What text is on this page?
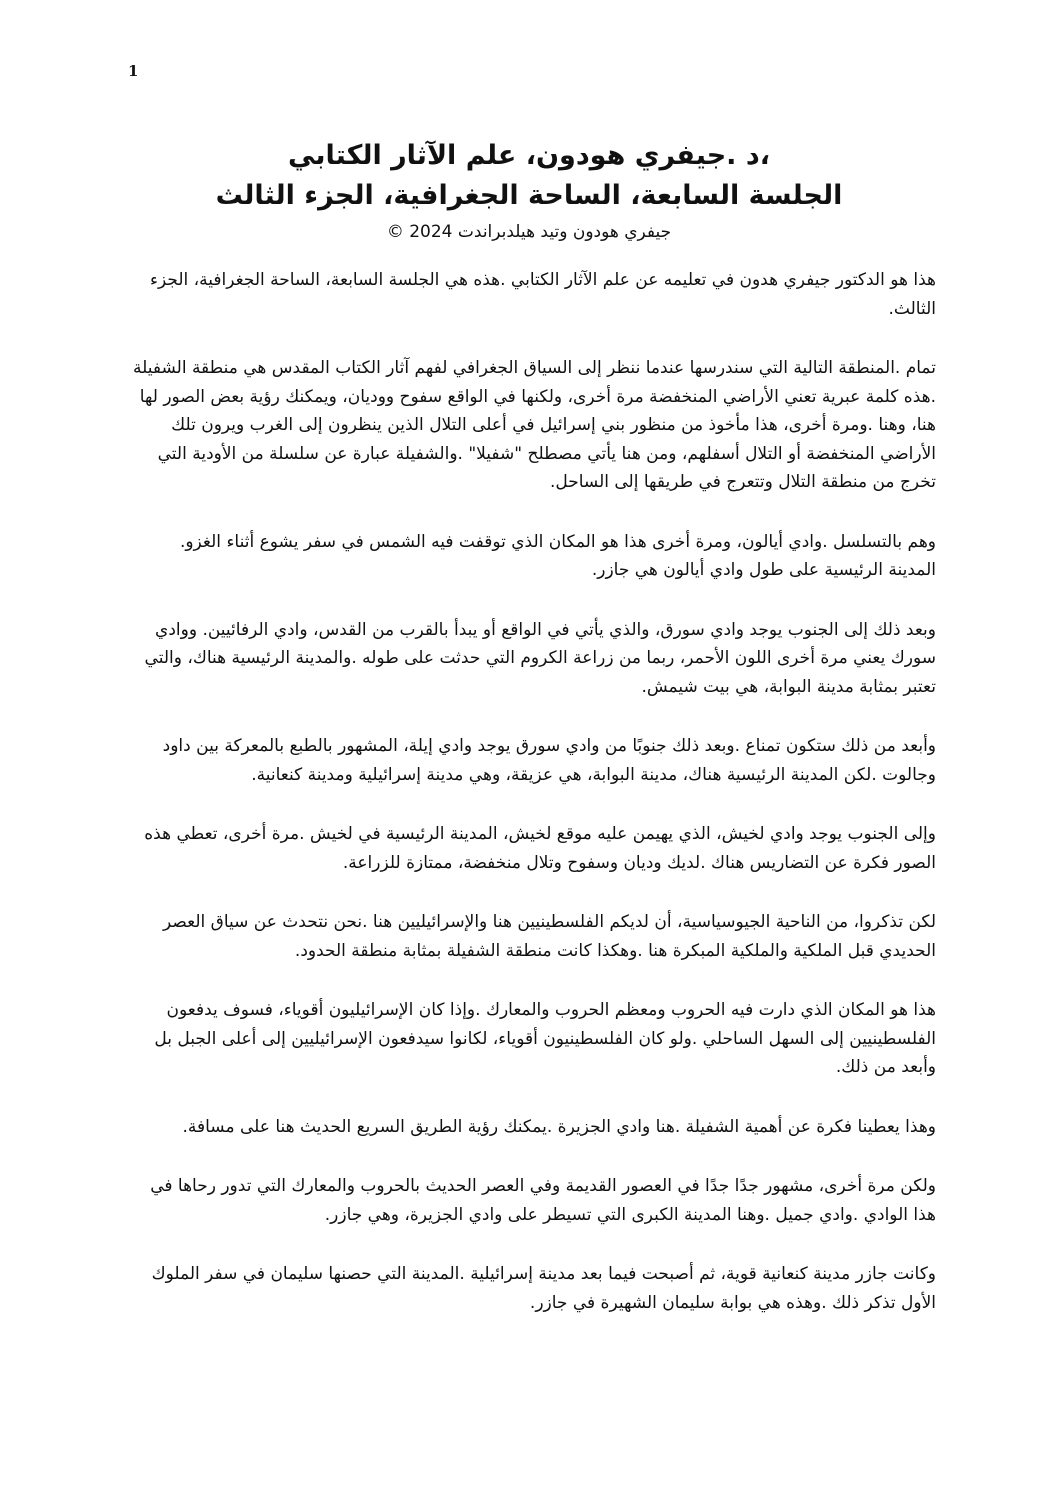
1
،د .جيفري هودون، علم الآثار الكتابي
الجلسة السابعة، الساحة الجغرافية، الجزء الثالث
جيفري هودون وتيد هيلدبراندت 2024 ©

هذا هو الدكتور جيفري هدون في تعليمه عن علم الآثار الكتابي .هذه هي الجلسة السابعة، الساحة الجغرافية، الجزء الثالث.

تمام .المنطقة التالية التي سندرسها عندما ننظر إلى السياق الجغرافي لفهم آثار الكتاب المقدس هي منطقة الشفيلة .هذه كلمة عبرية تعني الأراضي المنخفضة مرة أخرى، ولكنها في الواقع سفوح ووديان، ويمكنك رؤية بعض الصور لها هنا، وهنا .ومرة أخرى، هذا مأخوذ من منظور بني إسرائيل في أعلى التلال الذين ينظرون إلى الغرب ويرون تلك الأراضي المنخفضة أو التلال أسفلهم، ومن هنا يأتي مصطلح "شفيلا" .والشفيلة عبارة عن سلسلة من الأودية التي تخرج من منطقة التلال وتتعرج في طريقها إلى الساحل.

وهم بالتسلسل .وادي أيالون، ومرة أخرى هذا هو المكان الذي توقفت فيه الشمس في سفر يشوع أثناء الغزو. المدينة الرئيسية على طول وادي أيالون هي جازر.

وبعد ذلك إلى الجنوب يوجد وادي سورق، والذي يأتي في الواقع أو يبدأ بالقرب من القدس، وادي الرفائيين. ووادي سورك يعني مرة أخرى اللون الأحمر، ربما من زراعة الكروم التي حدثت على طوله .والمدينة الرئيسية هناك، والتي تعتبر بمثابة مدينة البوابة، هي بيت شيمش.

وأبعد من ذلك ستكون تمناع .وبعد ذلك جنوبًا من وادي سورق يوجد وادي إيلة، المشهور بالطبع بالمعركة بين داود وجالوت .لكن المدينة الرئيسية هناك، مدينة البوابة، هي عزيقة، وهي مدينة إسرائيلية ومدينة كنعانية.

وإلى الجنوب يوجد وادي لخيش، الذي يهيمن عليه موقع لخيش، المدينة الرئيسية في لخيش .مرة أخرى، تعطي هذه الصور فكرة عن التضاريس هناك .لديك وديان وسفوح وتلال منخفضة، ممتازة للزراعة.

لكن تذكروا، من الناحية الجيوسياسية، أن لديكم الفلسطينيين هنا والإسرائيليين هنا .نحن نتحدث عن سياق العصر الحديدي قبل الملكية والملكية المبكرة هنا .وهكذا كانت منطقة الشفيلة بمثابة منطقة الحدود.

هذا هو المكان الذي دارت فيه الحروب ومعظم الحروب والمعارك .وإذا كان الإسرائيليون أقوياء، فسوف يدفعون الفلسطينيين إلى السهل الساحلي .ولو كان الفلسطينيون أقوياء، لكانوا سيدفعون الإسرائيليين إلى أعلى الجبل بل وأبعد من ذلك.

وهذا يعطينا فكرة عن أهمية الشفيلة .هنا وادي الجزيرة .يمكنك رؤية الطريق السريع الحديث هنا على مسافة.

ولكن مرة أخرى، مشهور جدًا جدًا في العصور القديمة وفي العصر الحديث بالحروب والمعارك التي تدور رحاها في هذا الوادي .وادي جميل .وهنا المدينة الكبرى التي تسيطر على وادي الجزيرة، وهي جازر.

وكانت جازر مدينة كنعانية قوية، ثم أصبحت فيما بعد مدينة إسرائيلية .المدينة التي حصنها سليمان في سفر الملوك الأول تذكر ذلك .وهذه هي بوابة سليمان الشهيرة في جازر.
